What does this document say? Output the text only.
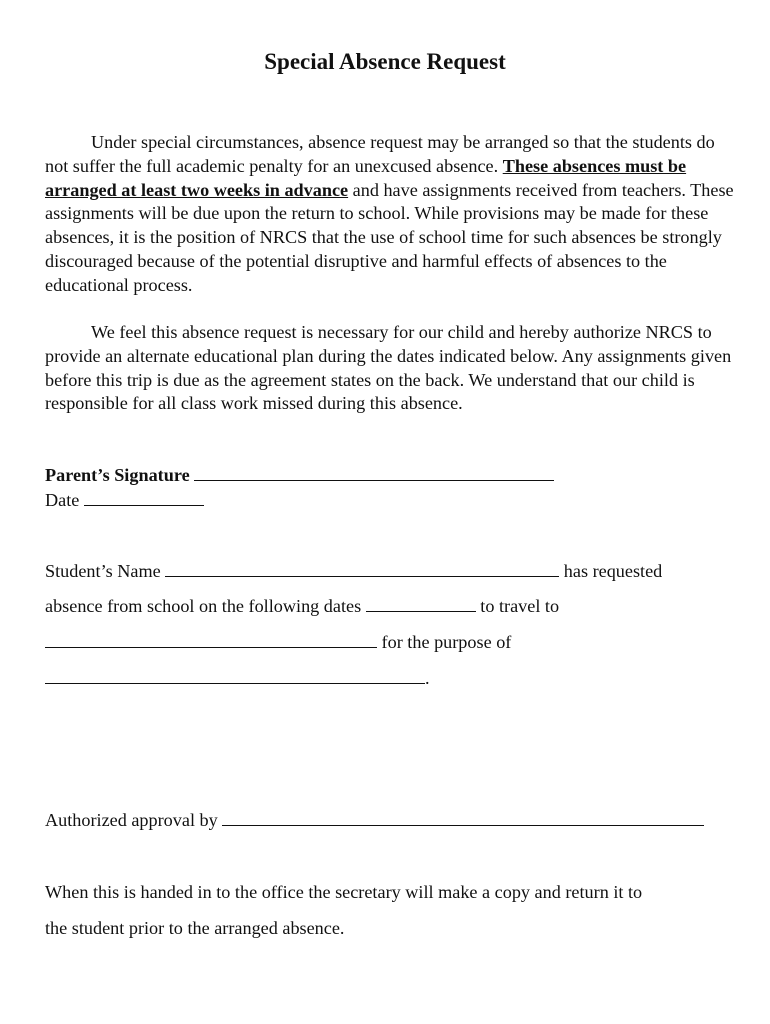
Special Absence Request

Under special circumstances, absence request may be arranged so that the students do not suffer the full academic penalty for an unexcused absence. These absences must be arranged at least two weeks in advance and have assignments received from teachers. These assignments will be due upon the return to school. While provisions may be made for these absences, it is the position of NRCS that the use of school time for such absences be strongly discouraged because of the potential disruptive and harmful effects of absences to the educational process.

We feel this absence request is necessary for our child and hereby authorize NRCS to provide an alternate educational plan during the dates indicated below. Any assignments given before this trip is due as the agreement states on the back. We understand that our child is responsible for all class work missed during this absence.

Parent’s Signature
Date
Student’s Name	has requested
absence from school on the following dates	to travel to
for the purpose of
.
Authorized approval by
When this is handed in to the office the secretary will make a copy and return it to
the student prior to the arranged absence.
